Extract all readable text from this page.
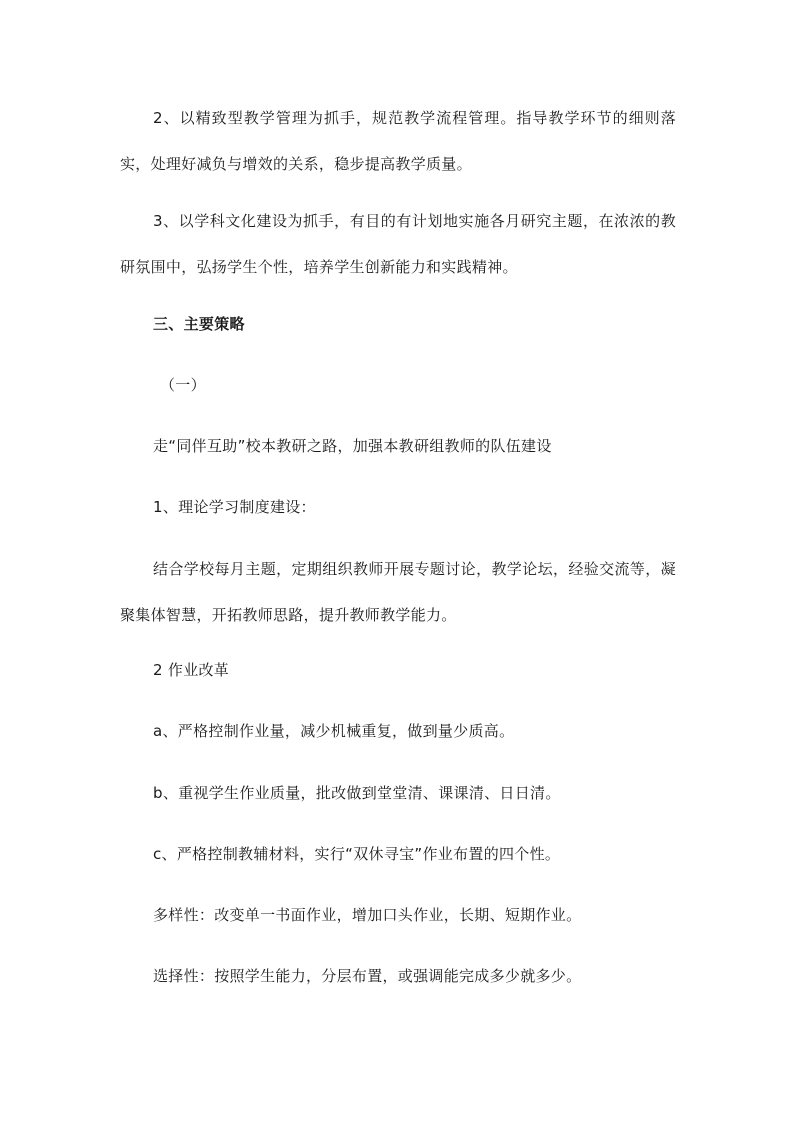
2、以精致型教学管理为抓手，规范教学流程管理。指导教学环节的细则落实，处理好减负与增效的关系，稳步提高教学质量。

3、以学科文化建设为抓手，有目的有计划地实施各月研究主题，在浓浓的教研氛围中，弘扬学生个性，培养学生创新能力和实践精神。

三、主要策略

（一）

走“同伴互助”校本教研之路，加强本教研组教师的队伍建设

1、理论学习制度建设：

结合学校每月主题，定期组织教师开展专题讨论，教学论坛，经验交流等，凝聚集体智慧，开拓教师思路，提升教师教学能力。

2 作业改革

a、严格控制作业量，减少机械重复，做到量少质高。

b、重视学生作业质量，批改做到堂堂清、课课清、日日清。

c、严格控制教辅材料，实行“双休寻宝”作业布置的四个性。

多样性：改变单一书面作业，增加口头作业，长期、短期作业。

选择性：按照学生能力，分层布置，或强调能完成多少就多少。
